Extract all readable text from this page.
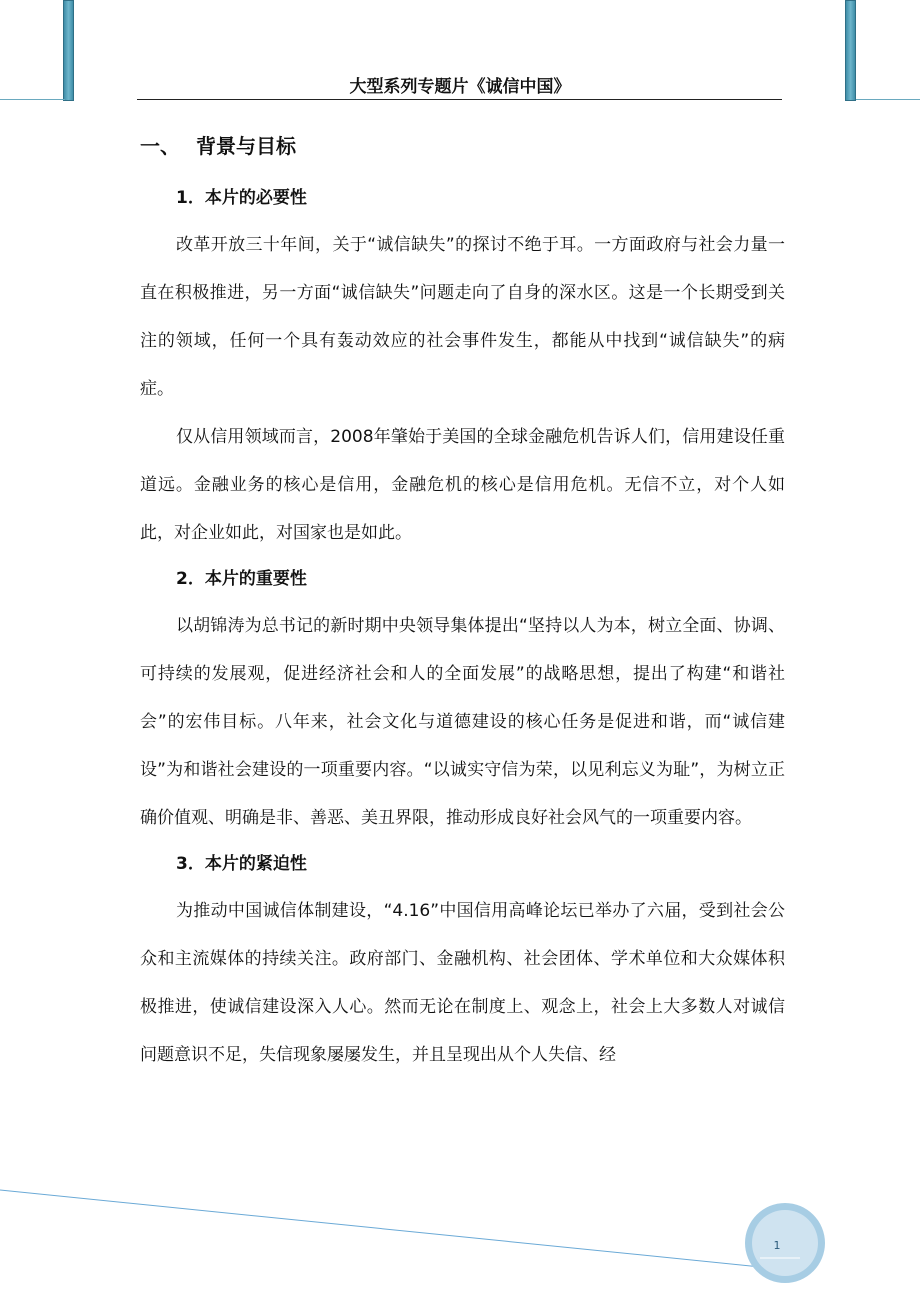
大型系列专题片《诚信中国》
一、 背景与目标
1．本片的必要性

改革开放三十年间，关于“诚信缺失”的探讨不绝于耳。一方面政府与社会力量一直在积极推进，另一方面“诚信缺失”问题走向了自身的深水区。这是一个长期受到关注的领域，任何一个具有轰动效应的社会事件发生，都能从中找到“诚信缺失”的病症。

仅从信用领域而言，2008年肇始于美国的全球金融危机告诉人们，信用建设任重道远。金融业务的核心是信用，金融危机的核心是信用危机。无信不立，对个人如此，对企业如此，对国家也是如此。

2．本片的重要性

以胡锦涛为总书记的新时期中央领导集体提出“坚持以人为本，树立全面、协调、可持续的发展观，促进经济社会和人的全面发展”的战略思想，提出了构建“和谐社会”的宏伟目标。八年来，社会文化与道德建设的核心任务是促进和谐，而“诚信建设”为和谐社会建设的一项重要内容。“以诚实守信为荣，以见利忘义为耻”，为树立正确价值观、明确是非、善恶、美丑界限，推动形成良好社会风气的一项重要内容。

3．本片的紧迫性

为推动中国诚信体制建设，“4.16”中国信用高峰论坛已举办了六届，受到社会公众和主流媒体的持续关注。政府部门、金融机构、社会团体、学术单位和大众媒体积极推进，使诚信建设深入人心。然而无论在制度上、观念上，社会上大多数人对诚信问题意识不足，失信现象屡屡发生，并且呈现出从个人失信、经

1
